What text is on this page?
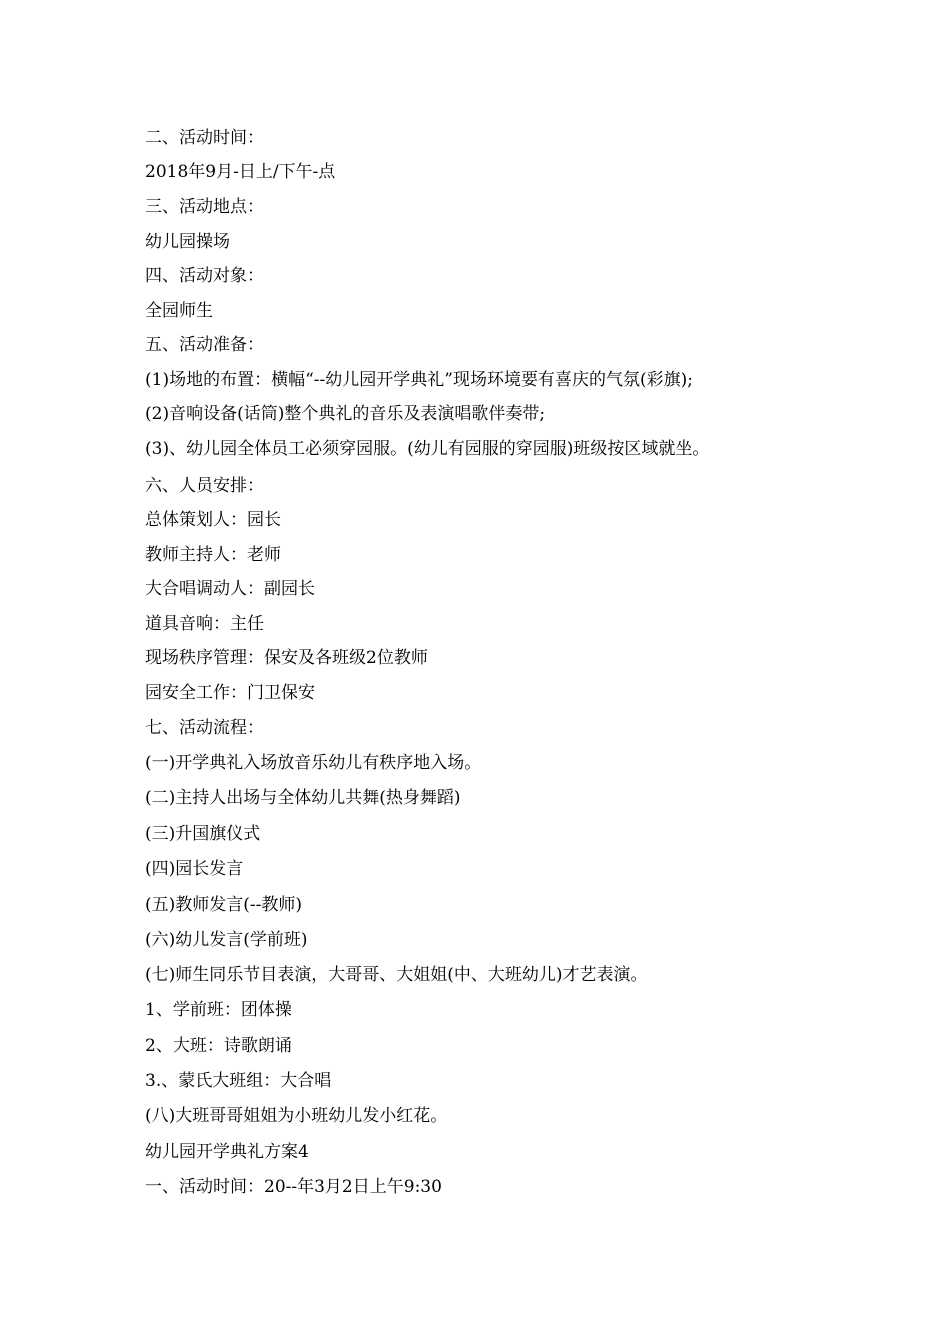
二、活动时间：
2018年9月-日上/下午-点
三、活动地点：
幼儿园操场
四、活动对象：
全园师生
五、活动准备：
(1)场地的布置：横幅“--幼儿园开学典礼”现场环境要有喜庆的气氛(彩旗);
(2)音响设备(话筒)整个典礼的音乐及表演唱歌伴奏带;
(3)、幼儿园全体员工必须穿园服。(幼儿有园服的穿园服)班级按区域就坐。
六、人员安排：
总体策划人：园长
教师主持人：老师
大合唱调动人：副园长
道具音响：主任
现场秩序管理：保安及各班级2位教师
园安全工作：门卫保安
七、活动流程：
(一)开学典礼入场放音乐幼儿有秩序地入场。
(二)主持人出场与全体幼儿共舞(热身舞蹈)
(三)升国旗仪式
(四)园长发言
(五)教师发言(--教师)
(六)幼儿发言(学前班)
(七)师生同乐节目表演，大哥哥、大姐姐(中、大班幼儿)才艺表演。
1、学前班：团体操
2、大班：诗歌朗诵
3.、蒙氏大班组：大合唱
(八)大班哥哥姐姐为小班幼儿发小红花。
幼儿园开学典礼方案4
一、活动时间：20--年3月2日上午9:30
